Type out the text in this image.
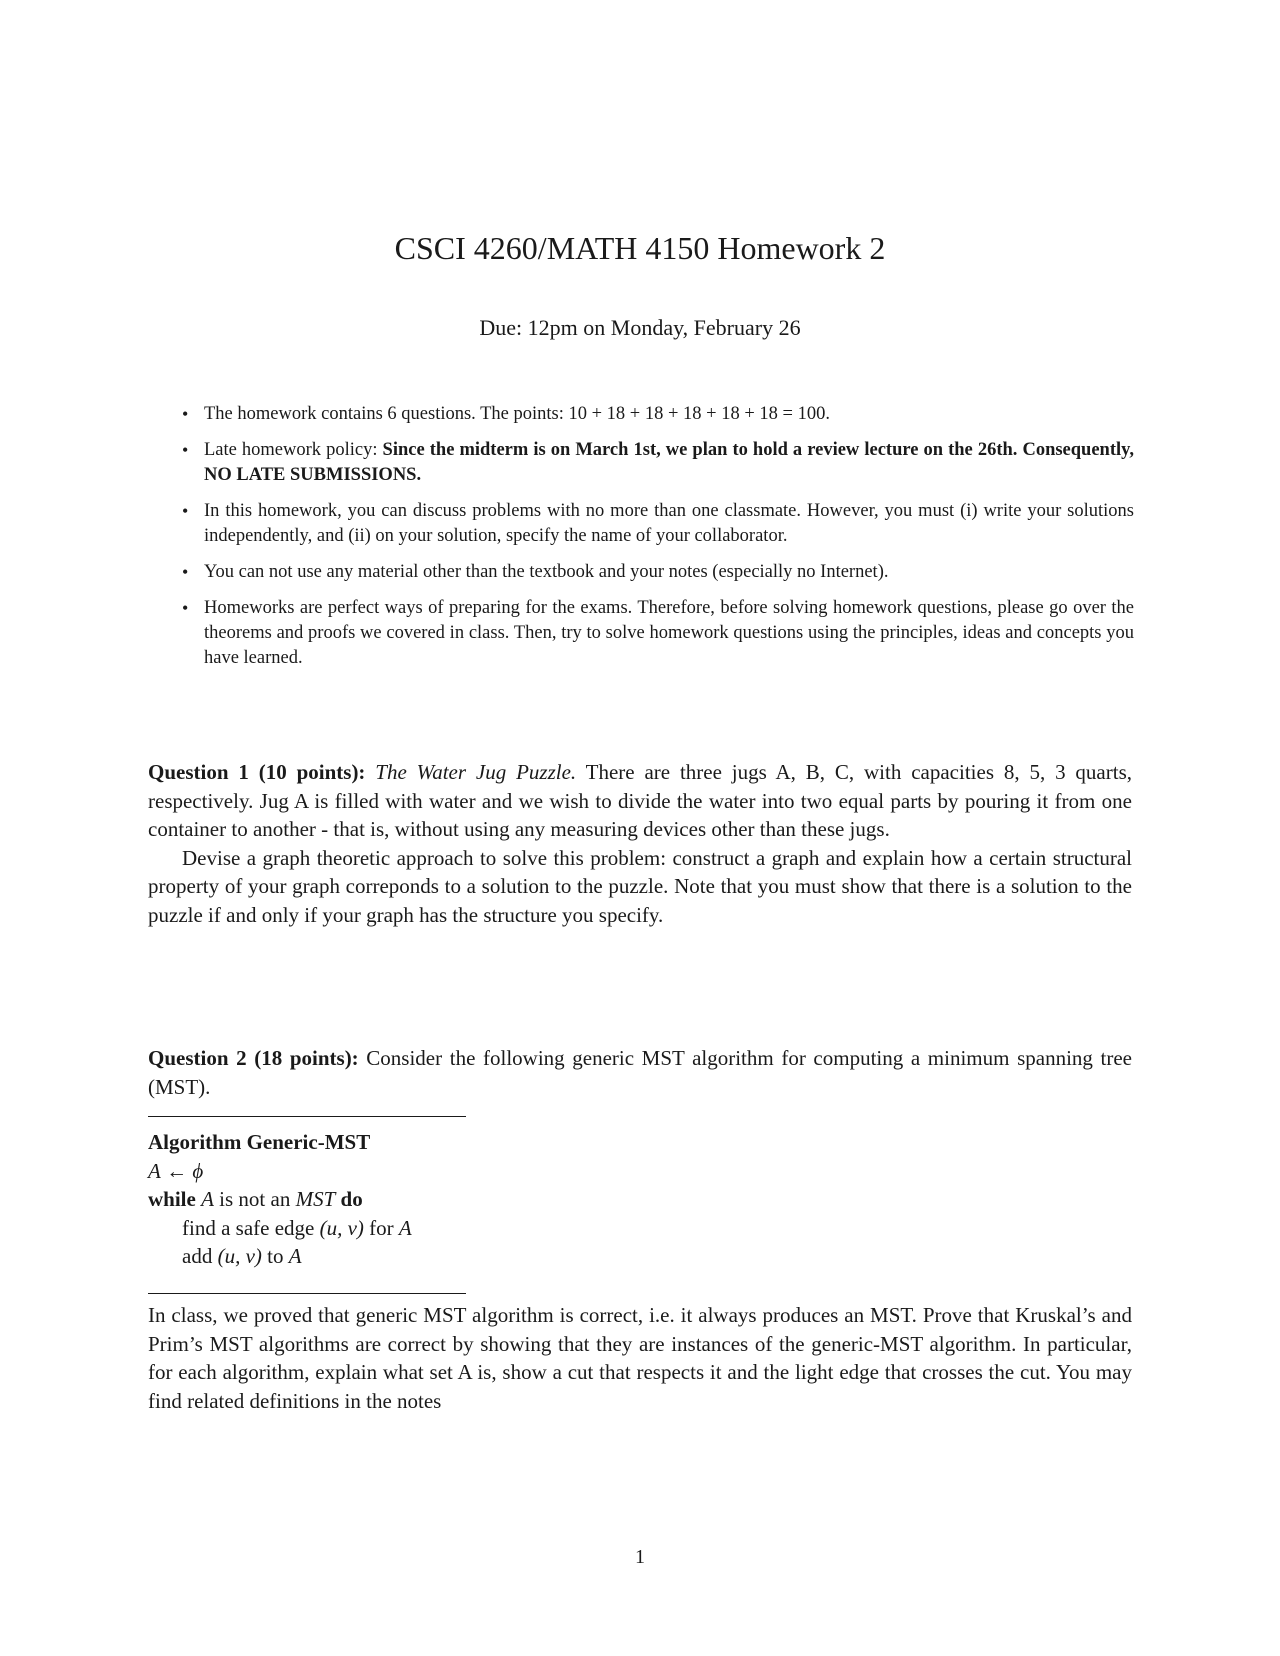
CSCI 4260/MATH 4150 Homework 2
Due: 12pm on Monday, February 26
• The homework contains 6 questions. The points: 10 + 18 + 18 + 18 + 18 + 18 = 100.
• Late homework policy: Since the midterm is on March 1st, we plan to hold a review lecture on the 26th. Consequently, NO LATE SUBMISSIONS.
• In this homework, you can discuss problems with no more than one classmate. However, you must (i) write your solutions independently, and (ii) on your solution, specify the name of your collaborator.
• You can not use any material other than the textbook and your notes (especially no Internet).
• Homeworks are perfect ways of preparing for the exams. Therefore, before solving homework questions, please go over the theorems and proofs we covered in class. Then, try to solve homework questions using the principles, ideas and concepts you have learned.

Question 1 (10 points): The Water Jug Puzzle. There are three jugs A, B, C, with capacities 8, 5, 3 quarts, respectively. Jug A is filled with water and we wish to divide the water into two equal parts by pouring it from one container to another - that is, without using any measuring devices other than these jugs.

Devise a graph theoretic approach to solve this problem: construct a graph and explain how a certain structural property of your graph correponds to a solution to the puzzle. Note that you must show that there is a solution to the puzzle if and only if your graph has the structure you specify.

Question 2 (18 points): Consider the following generic MST algorithm for computing a minimum spanning tree (MST).

Algorithm Generic-MST
A ← ϕ
while A is not an MST do
find a safe edge (u, v) for A
add (u, v) to A
In class, we proved that generic MST algorithm is correct, i.e. it always produces an MST. Prove that Kruskal’s and Prim’s MST algorithms are correct by showing that they are instances of the generic-MST algorithm. In particular, for each algorithm, explain what set A is, show a cut that respects it and the light edge that crosses the cut. You may find related definitions in the notes
1
